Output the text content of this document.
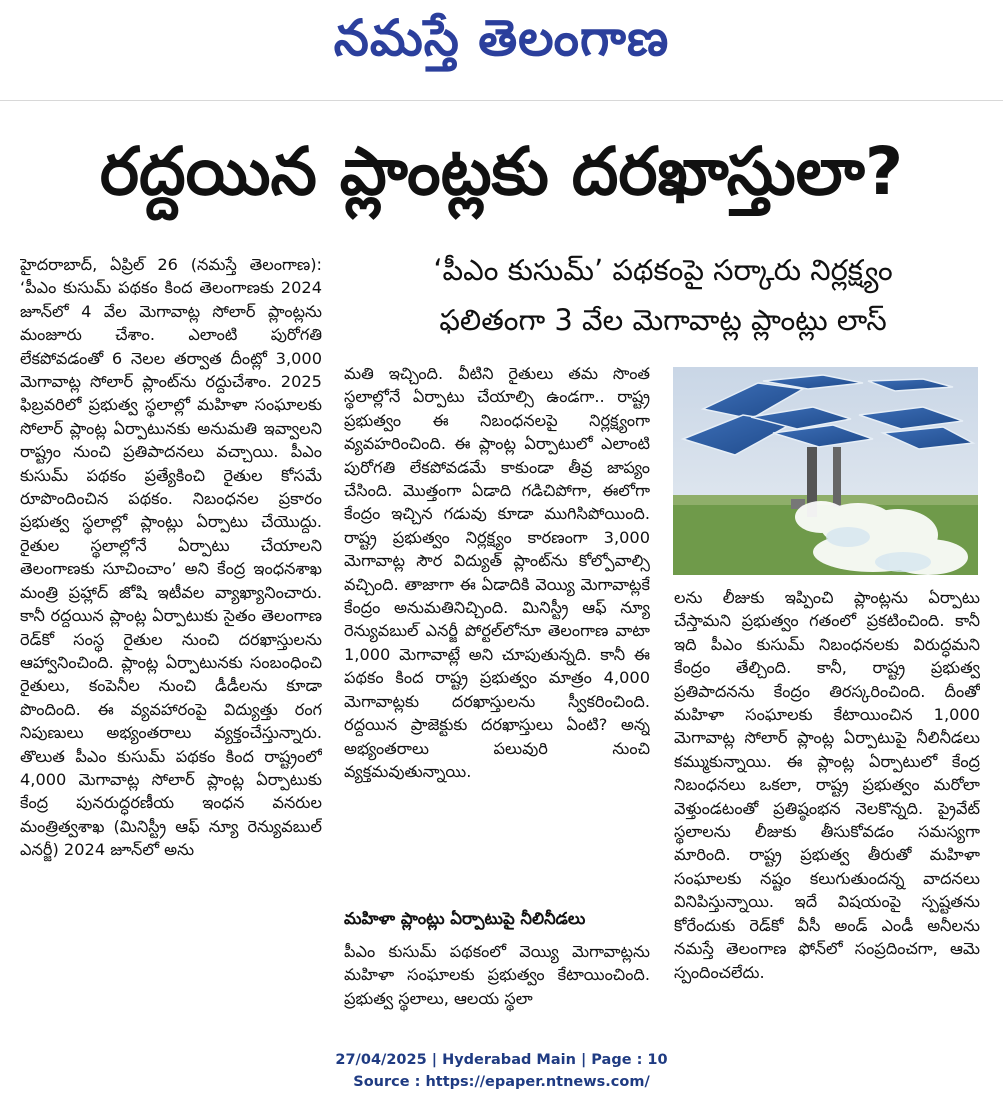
నమస్తే తెలంగాణ
రద్దయిన ప్లాంట్లకు దరఖాస్తులా?
‘పీఎం కుసుమ్’ పథకంపై సర్కారు నిర్లక్ష్యం
ఫలితంగా 3 వేల మెగావాట్ల ప్లాంట్లు లాస్

హైదరాబాద్, ఏప్రిల్ 26 (నమస్తే తెలంగాణ): ‘పీఎం కుసుమ్ పథకం కింద తెలంగాణకు 2024 జూన్‌లో 4 వేల మెగావాట్ల సోలార్ ప్లాంట్లను మంజూరు చేశాం. ఎలాంటి పురోగతి లేకపోవడంతో 6 నెలల తర్వాత దీంట్లో 3,000 మెగావాట్ల సోలార్ ప్లాంట్‌ను రద్దుచేశాం. 2025 ఫిబ్రవరిలో ప్రభుత్వ స్థలాల్లో మహిళా సంఘాలకు సోలార్ ప్లాంట్ల ఏర్పాటునకు అనుమతి ఇవ్వాలని రాష్ట్రం నుంచి ప్రతిపాదనలు వచ్చాయి. పీఎం కుసుమ్ పథకం ప్రత్యేకించి రైతుల కోసమే రూపొందించిన పథకం. నిబంధనల ప్రకారం ప్రభుత్వ స్థలాల్లో ప్లాంట్లు ఏర్పాటు చేయొద్దు. రైతుల స్థలాల్లోనే ఏర్పాటు చేయాలని తెలంగాణకు సూచించాం’ అని కేంద్ర ఇంధనశాఖ మంత్రి ప్రహ్లాద్ జోషి ఇటీవల వ్యాఖ్యానించారు. కానీ రద్దయిన ప్లాంట్ల ఏర్పాటుకు సైతం తెలంగాణ రెడ్‌కో సంస్థ రైతుల నుంచి దరఖాస్తులను ఆహ్వానించింది. ప్లాంట్ల ఏర్పాటునకు సంబంధించి రైతులు, కంపెనీల నుంచి డీడీలను కూడా పొందింది. ఈ వ్యవహారంపై విద్యుత్తు రంగ నిపుణులు అభ్యంతరాలు వ్యక్తంచేస్తున్నారు. తొలుత పీఎం కుసుమ్ పథకం కింద రాష్ట్రంలో 4,000 మెగావాట్ల సోలార్ ప్లాంట్ల ఏర్పాటుకు కేంద్ర పునరుద్ధరణీయ ఇంధన వనరుల మంత్రిత్వశాఖ (మినిస్ట్రీ ఆఫ్ న్యూ రెన్యువబుల్ ఎనర్జీ) 2024 జూన్‌లో అను

మతి ఇచ్చింది. వీటిని రైతులు తమ సొంత స్థలాల్లోనే ఏర్పాటు చేయాల్సి ఉండగా.. రాష్ట్ర ప్రభుత్వం ఈ నిబంధనలపై నిర్లక్ష్యంగా వ్యవహరించింది. ఈ ప్లాంట్ల ఏర్పాటులో ఎలాంటి పురోగతి లేకపోవడమే కాకుండా తీవ్ర జాప్యం చేసింది. మొత్తంగా ఏడాది గడిచిపోగా, ఈలోగా కేంద్రం ఇచ్చిన గడువు కూడా ముగిసిపోయింది. రాష్ట్ర ప్రభుత్వం నిర్లక్ష్యం కారణంగా 3,000 మెగావాట్ల సౌర విద్యుత్ ప్లాంట్‌ను కోల్పోవాల్సి వచ్చింది. తాజాగా ఈ ఏడాదికి వెయ్యి మెగావాట్లకే కేంద్రం అనుమతినిచ్చింది. మినిస్ట్రీ ఆఫ్ న్యూ రెన్యువబుల్ ఎనర్జీ పోర్టల్‌లోనూ తెలంగాణ వాటా 1,000 మెగావాట్లే అని చూపుతున్నది. కానీ ఈ పథకం కింద రాష్ట్ర ప్రభుత్వం మాత్రం 4,000 మెగావాట్లకు దరఖాస్తులను స్వీకరించింది. రద్దయిన ప్రాజెక్టుకు దరఖాస్తులు ఏంటి? అన్న అభ్యంతరాలు పలువురి నుంచి వ్యక్తమవుతున్నాయి.

మహిళా ప్లాంట్లు ఏర్పాటుపై నీలినీడలు

పీఎం కుసుమ్ పథకంలో వెయ్యి మెగావాట్లను మహిళా సంఘాలకు ప్రభుత్వం కేటాయించింది. ప్రభుత్వ స్థలాలు, ఆలయ స్థలా

లను లీజుకు ఇప్పించి ప్లాంట్లను ఏర్పాటు చేస్తామని ప్రభుత్వం గతంలో ప్రకటించింది. కానీ ఇది పీఎం కుసుమ్ నిబంధనలకు విరుద్ధమని కేంద్రం తేల్చింది. కానీ, రాష్ట్ర ప్రభుత్వ ప్రతిపాదనను కేంద్రం తిరస్కరించింది. దీంతో మహిళా సంఘాలకు కేటాయించిన 1,000 మెగావాట్ల సోలార్ ప్లాంట్ల ఏర్పాటుపై నీలినీడలు కమ్ముకున్నాయి. ఈ ప్లాంట్ల ఏర్పాటులో కేంద్ర నిబంధనలు ఒకలా, రాష్ట్ర ప్రభుత్వం మరోలా వెళ్తుండటంతో ప్రతిష్ఠంభన నెలకొన్నది. ప్రైవేట్ స్థలాలను లీజుకు తీసుకోవడం సమస్యగా మారింది. రాష్ట్ర ప్రభుత్వ తీరుతో మహిళా సంఘాలకు నష్టం కలుగుతుందన్న వాదనలు వినిపిస్తున్నాయి. ఇదే విషయంపై స్పష్టతను కోరేందుకు రెడ్‌కో వీసీ అండ్ ఎండీ అనీలను నమస్తే తెలంగాణ ఫోన్‌లో సంప్రదించగా, ఆమె స్పందించలేదు.

27/04/2025 | Hyderabad Main | Page : 10
Source : https://epaper.ntnews.com/
